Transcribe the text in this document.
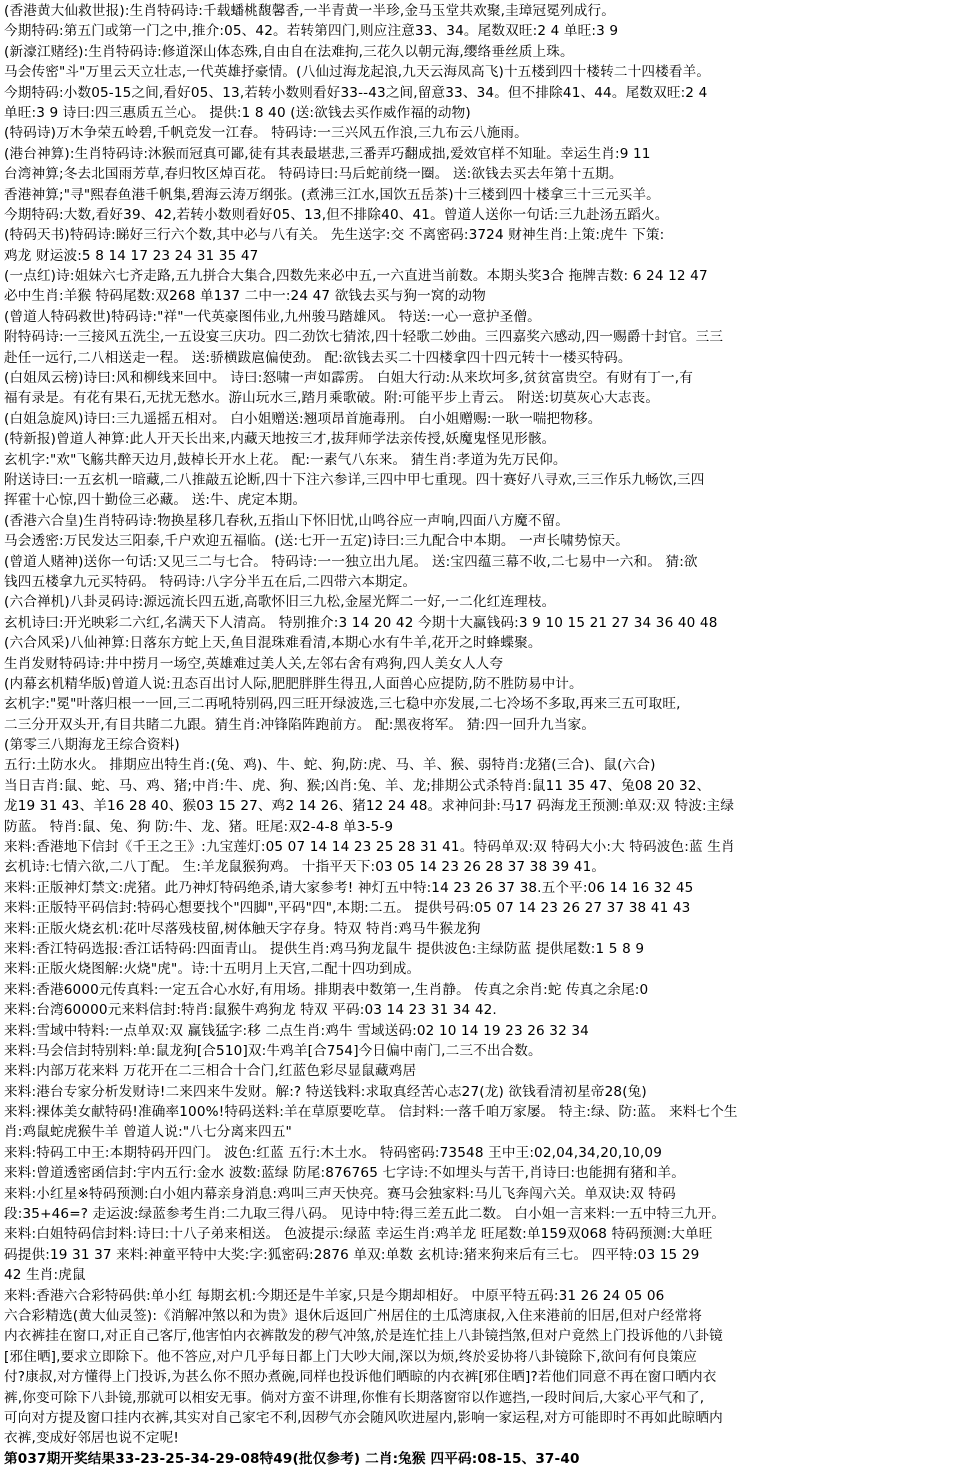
(香港黄大仙救世报):生肖特码诗:千载蟠桃馥馨香,一半青黄一半珍,金马玉堂共欢聚,圭璋冠冕列成行。
今期特码:第五门或第一门之中,推介:05、42。若转第四门,则应注意33、34。尾数双旺:2 4 单旺:3 9
(新濠江赌经):生肖特码诗:修道深山体态殊,自由自在法难拘,三花久以朝元海,缨络垂丝质上珠。
马会传密"斗"万里云天立壮志,一代英雄抒豪情。(八仙过海龙起浪,九天云海凤高飞)十五楼到四十楼转二十四楼看羊。
今期特码:小数05-15之间,看好05、13,若转小数则看好33--43之间,留意33、34。但不排除41、44。尾数双旺:2 4
单旺:3 9 诗曰:四三惠质五兰心。 提供:1 8 40 (送:欲钱去买作威作福的动物)
(特码诗)万木争荣五岭碧,千帆竞发一江春。 特码诗:一三兴风五作浪,三九布云八施雨。
(港台神算):生肖特码诗:沐猴而冠真可鄙,徒有其表最堪悲,三番弄巧翻成拙,爱效官样不知耻。幸运生肖:9 11
台湾神算;冬去北国雨芳草,春归牧区焯百花。 特码诗曰:马后蛇前绕一圈。 送:欲钱去买去年第十五期。
香港神算;"寻"熙春鱼港千帆集,碧海云涛万纲张。(煮沸三江水,国饮五岳茶)十三楼到四十楼拿三十三元买羊。
今期特码:大数,看好39、42,若转小数则看好05、13,但不排除40、41。曾道人送你一句话:三九赴汤五蹈火。
(特码天书)特码诗:睇好三行六个数,其中必与八有关。 先生送字:交 不离密码:3724 财神生肖:上策:虎牛 下策:
鸡龙 财运波:5 8 14 17 23 24 31 35 47
(一点红)诗:姐妹六七齐走路,五九拼合大集合,四数先来必中五,一六直进当前数。本期头奖3合 拖牌吉数: 6 24 12 47
必中生肖:羊猴 特码尾数:双268 单137 二中一:24 47 欲钱去买与狗一窝的动物
(曾道人特码救世)特码诗:"祥"一代英豪图伟业,九州骏马踏雄风。 特送:一心一意护圣僧。
附特码诗:一三接风五洗尘,一五设宴三庆功。四二劲饮七猜浓,四十轻歌二妙曲。三四嘉奖六感动,四一赐爵十封官。三三
赴任一远行,二八相送走一程。 送:骄横跋扈偏使劲。 配:欲钱去买二十四楼拿四十四元转十一楼买特码。
(白姐凤云榜)诗曰:风和柳线来回中。 诗曰:怒啸一声如霹雳。 白姐大行动:从来坎坷多,贫贫富贵空。有财有丁一,有
福有录是。有花有果石,无扰无愁水。游山玩水三,踏月乘歌破。附:可能平步上青云。 附送:切莫灰心大志丧。
(白姐急旋风)诗曰:三九遥摇五相对。 白小姐赠送:翘项昂首施毒刑。 白小姐赠赐:一耿一喘把物移。
(特新报)曾道人神算:此人开天长出来,内藏天地按三才,拔拜师学法亲传授,妖魔鬼怪见形骸。
玄机字:"欢"飞觞共醉天边月,鼓棹长开水上花。 配:一素气八东来。 猜生肖:孝道为先万民仰。
附送诗曰:一五玄机一暗藏,二八推敲五论断,四十下注六参详,三四中甲七重现。四十赛好八寻欢,三三作乐九畅饮,三四
挥霍十心惊,四十勤俭三必藏。 送:牛、虎定本期。
(香港六合皇)生肖特码诗:物换星移几春秋,五指山下怀旧忧,山鸣谷应一声响,四面八方魔不留。
马会透密:万民发达三阳泰,千户欢迎五福临。(送:七开一五定)诗曰:三九配合中本期。 一声长啸势惊天。
(曾道人赌神)送你一句话:又见三二与七合。 特码诗:一一独立出九尾。 送:宝四蕴三幕不收,二七易中一六和。 猜:欲
钱四五楼拿九元买特码。 特码诗:八字分半五在后,二四带六本期定。
(六合禅机)八卦灵码诗:源远流长四五逝,高歌怀旧三九松,金屋光辉二一好,一二化红连理枝。
玄机诗曰:开光映彩二六红,名满天下人清高。 特别推介:3 14 20 42 今期十大赢钱码:3 9 10 15 21 27 34 36 40 48
(六合风采)八仙神算:日落东方蛇上天,鱼目混珠难看清,本期心水有牛羊,花开之时蜂蝶聚。
生肖发财特码诗:井中捞月一场空,英雄难过美人关,左邻右舍有鸡狗,四人美女人人夸
(内幕玄机精华版)曾道人说:丑态百出讨人际,肥肥胖胖生得丑,人面兽心应提防,防不胜防易中计。
玄机字:"冕"叶落归根一一回,三二再吼特别码,四三旺开绿波选,三七稳中亦发展,二七冷场不多取,再来三五可取旺,
二三分开双头开,有目共睹二九跟。猜生肖:冲锋陷阵跑前方。 配:黑夜将军。 猜:四一回升九当家。
(第零三八期海龙王综合资料)
五行:土防水火。 排期应出特生肖:(兔、鸡)、牛、蛇、狗,防:虎、马、羊、猴、弱特肖:龙猪(三合)、鼠(六合)
当日吉肖:鼠、蛇、马、鸡、猪;中肖:牛、虎、狗、猴;凶肖:兔、羊、龙;排期公式杀特肖:鼠11 35 47、兔08 20 32、
龙19 31 43、羊16 28 40、猴03 15 27、鸡2 14 26、猪12 24 48。求神问卦:马17 码海龙王预测:单双:双 特波:主绿
防蓝。 特肖:鼠、兔、狗 防:牛、龙、猪。旺尾:双2-4-8 单3-5-9
来料:香港地下信封《千王之王》:九宝莲灯:05 07 14 14 23 25 28 31 41。特码单双:双 特码大小:大 特码波色:蓝 生肖
玄机诗:七情六欲,二八丁配。 生:羊龙鼠猴狗鸡。 十指平天下:03 05 14 23 26 28 37 38 39 41。
来料:正版神灯禁文:虎猪。此乃神灯特码绝杀,请大家参考! 神灯五中特:14 23 26 37 38.五个平:06 14 16 32 45
来料:正版特平码信封:特码心想要找个"四脚",平码"四",本期:二五。 提供号码:05 07 14 23 26 27 37 38 41 43
来料:正版火烧玄机:花叶尽落残枝留,树体触天字存身。特双 特肖:鸡马牛猴龙狗
来料:香江特码选报:香江话特码:四面青山。 提供生肖:鸡马狗龙鼠牛 提供波色:主绿防蓝 提供尾数:1 5 8 9
来料:正版火烧图解:火烧"虎"。诗:十五明月上天宫,二配十四功到成。
来料:香港6000元传真料:一定五合心水好,有用场。排期表中数第一,生肖静。 传真之余肖:蛇 传真之余尾:0
来料:台湾60000元来料信封:特肖:鼠猴牛鸡狗龙 特双 平码:03 14 23 31 34 42.
来料:雪域中特料:一点单双:双 赢钱猛字:移 二点生肖:鸡牛 雪域送码:02 10 14 19 23 26 32 34
来料:马会信封特别料:单:鼠龙狗[合510]双:牛鸡羊[合754]今日偏中南门,二三不出合数。
来料:内部万花来料 万花开在二三相合十合门,红蓝色彩尽显鼠藏鸡居
来料:港台专家分析发财诗!二来四来牛发财。解:? 特送钱料:求取真经苦心志27(龙) 欲钱看清初星帝28(兔)
来料:裸体美女献特码!准确率100%!特码送料:羊在草原要吃草。 信封料:一落千咱万家屡。 特主:绿、防:蓝。 来料七个生
肖:鸡鼠蛇虎猴牛羊 曾道人说:"八七分离来四五"
来料:特码工中王:本期特码开四门。 波色:红蓝 五行:木土水。 特码密码:73548 王中王:02,04,34,20,10,09
来料:曾道透密函信封:宇内五行:金水 波数:蓝绿 防尾:876765 七字诗:不如埋头与苦干,肖诗曰:也能拥有猪和羊。
来料:小红星※特码预测:白小姐内幕亲身消息:鸡叫三声天快亮。赛马会独家料:马儿飞奔闯六关。单双诀:双 特码
段:35+46=? 走运波:绿蓝参考生肖:二九取三得八码。 见诗中特:得三差五此二数。 白小姐一言来料:一五中特三九开。
来料:白姐特码信封料:诗曰:十八子弟来相送。 色波提示:绿蓝 幸运生肖:鸡羊龙 旺尾数:单159双068 特码预测:大单旺
码提供:19 31 37 来料:神童平特中大奖:字:狐密码:2876 单双:单数 玄机诗:猪来狗来后有三七。 四平特:03 15 29
42 生肖:虎鼠
来料:香港六合彩特码供:单小红 每期玄机:今期还是牛羊家,只是今期却相好。 中原平特五码:31 26 24 05 06
六合彩精选(黄大仙灵签):《消解冲煞以和为贵》退休后返回广州居住的土瓜湾康叔,入住来港前的旧居,但对户经常将
内衣裤挂在窗口,对正自己客厅,他害怕内衣裤散发的秽气冲煞,於是连忙挂上八卦镜挡煞,但对户竟然上门投诉他的八卦镜
[邪住晒],要求立即除下。他不答应,对户几乎每日都上门大吵大闹,深以为烦,终於妥协将八卦镜除下,欲问有何良策应
付?康叔,对方懂得上门投诉,为甚么你不照办煮碗,同样也投诉他们晒晾的内衣裤[邪住晒]?若他们同意不再在窗口晒内衣
裤,你变可除下八卦镜,那就可以相安无事。倘对方蛮不讲理,你惟有长期落窗帘以作遮挡,一段时间后,大家心平气和了,
可向对方提及窗口挂内衣裤,其实对自己家宅不利,因秽气亦会随风吹进屋内,影响一家运程,对方可能即时不再如此晾晒内
衣裤,变成好邻居也说不定呢!
第037期开奖结果33-23-25-34-29-08特49(批仅参考) 二肖:兔猴 四平码:08-15、37-40
